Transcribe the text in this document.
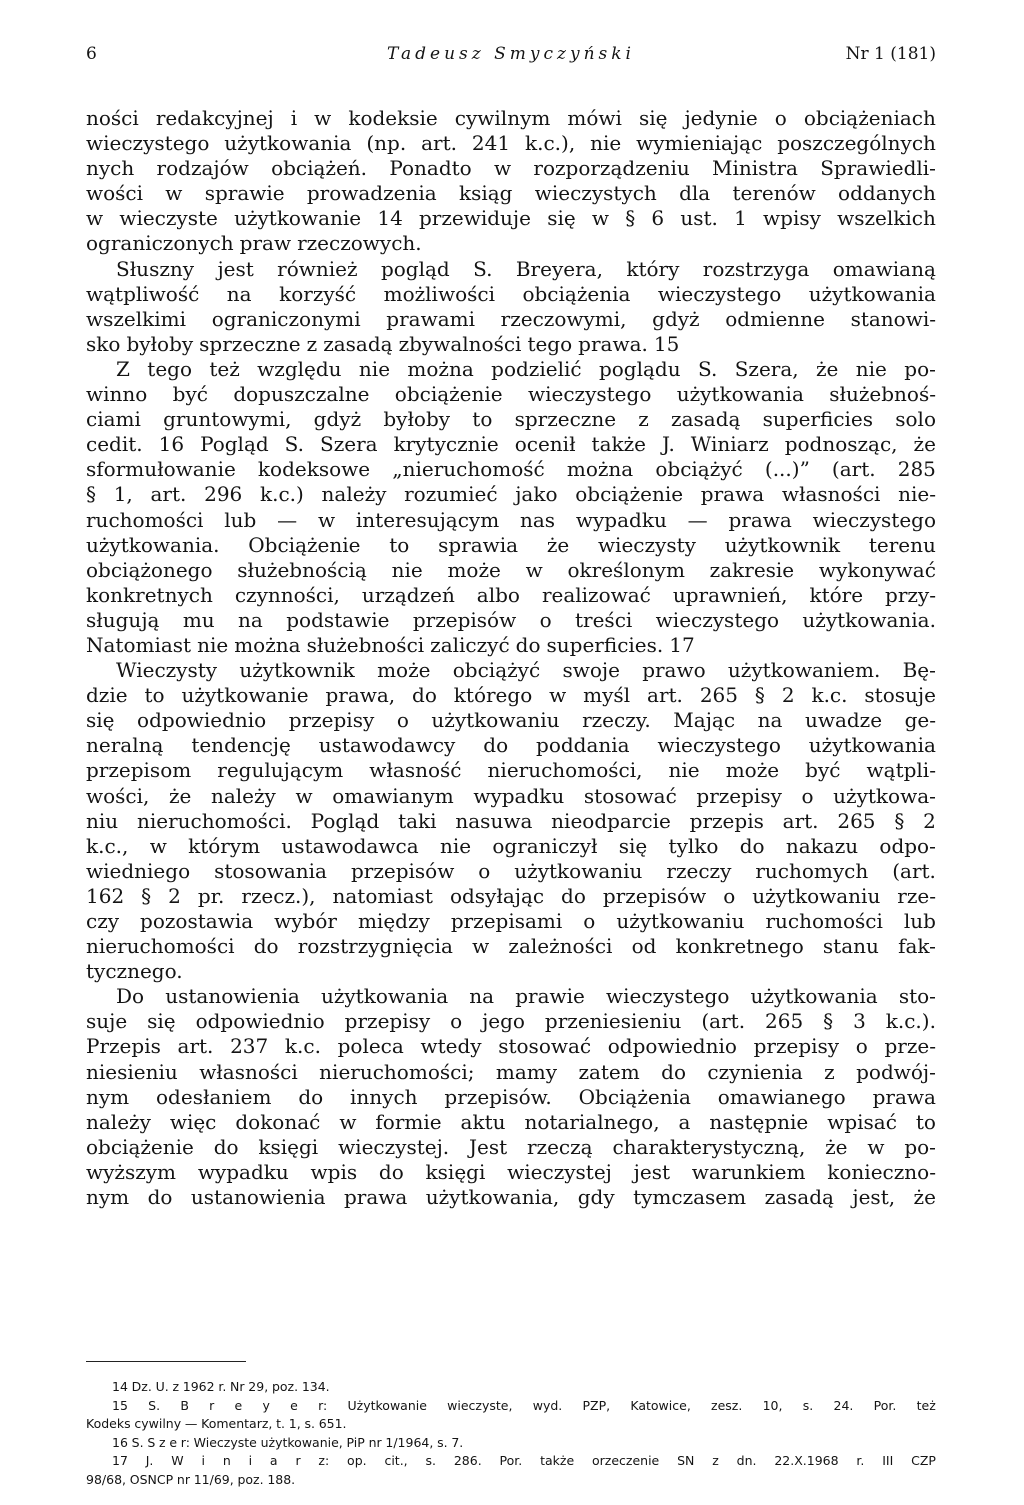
6	Tadeusz Smyczyński	Nr 1 (181)
ności redakcyjnej i w kodeksie cywilnym mówi się jedynie o obciążeniach
wieczystego użytkowania (np. art. 241 k.c.), nie wymieniając poszczególnych
nych rodzajów obciążeń. Ponadto w rozporządzeniu Ministra Sprawiedli-
wości w sprawie prowadzenia ksiąg wieczystych dla terenów oddanych
w wieczyste użytkowanie 14 przewiduje się w § 6 ust. 1 wpisy wszelkich
ograniczonych praw rzeczowych.
Słuszny jest również pogląd S. Breyera, który rozstrzyga omawianą
wątpliwość na korzyść możliwości obciążenia wieczystego użytkowania
wszelkimi ograniczonymi prawami rzeczowymi, gdyż odmienne stanowi-
sko byłoby sprzeczne z zasadą zbywalności tego prawa. 15
Z tego też względu nie można podzielić poglądu S. Szera, że nie po-
winno być dopuszczalne obciążenie wieczystego użytkowania służebnoś-
ciami gruntowymi, gdyż byłoby to sprzeczne z zasadą superficies solo
cedit. 16 Pogląd S. Szera krytycznie ocenił także J. Winiarz podnosząc, że
sformułowanie kodeksowe „nieruchomość można obciążyć (...)” (art. 285
§ 1, art. 296 k.c.) należy rozumieć jako obciążenie prawa własności nie-
ruchomości lub — w interesującym nas wypadku — prawa wieczystego
użytkowania. Obciążenie to sprawia że wieczysty użytkownik terenu
obciążonego służebnością nie może w określonym zakresie wykonywać
konkretnych czynności, urządzeń albo realizować uprawnień, które przy-
sługują mu na podstawie przepisów o treści wieczystego użytkowania.
Natomiast nie można służebności zaliczyć do superficies. 17
Wieczysty użytkownik może obciążyć swoje prawo użytkowaniem. Bę-
dzie to użytkowanie prawa, do którego w myśl art. 265 § 2 k.c. stosuje
się odpowiednio przepisy o użytkowaniu rzeczy. Mając na uwadze ge-
neralną tendencję ustawodawcy do poddania wieczystego użytkowania
przepisom regulującym własność nieruchomości, nie może być wątpli-
wości, że należy w omawianym wypadku stosować przepisy o użytkowa-
niu nieruchomości. Pogląd taki nasuwa nieodparcie przepis art. 265 § 2
k.c., w którym ustawodawca nie ograniczył się tylko do nakazu odpo-
wiedniego stosowania przepisów o użytkowaniu rzeczy ruchomych (art.
162 § 2 pr. rzecz.), natomiast odsyłając do przepisów o użytkowaniu rze-
czy pozostawia wybór między przepisami o użytkowaniu ruchomości lub
nieruchomości do rozstrzygnięcia w zależności od konkretnego stanu fak-
tycznego.
Do ustanowienia użytkowania na prawie wieczystego użytkowania sto-
suje się odpowiednio przepisy o jego przeniesieniu (art. 265 § 3 k.c.).
Przepis art. 237 k.c. poleca wtedy stosować odpowiednio przepisy o prze-
niesieniu własności nieruchomości; mamy zatem do czynienia z podwój-
nym odesłaniem do innych przepisów. Obciążenia omawianego prawa
należy więc dokonać w formie aktu notarialnego, a następnie wpisać to
obciążenie do księgi wieczystej. Jest rzeczą charakterystyczną, że w po-
wyższym wypadku wpis do księgi wieczystej jest warunkiem konieczno-
nym do ustanowienia prawa użytkowania, gdy tymczasem zasadą jest, że
14 Dz. U. z 1962 r. Nr 29, poz. 134.
15 S. B r e y e r: Użytkowanie wieczyste, wyd. PZP, Katowice, zesz. 10, s. 24. Por. też
Kodeks cywilny — Komentarz, t. 1, s. 651.
16 S. S z e r: Wieczyste użytkowanie, PiP nr 1/1964, s. 7.
17 J. W i n i a r z: op. cit., s. 286. Por. także orzeczenie SN z dn. 22.X.1968 r. III CZP
98/68, OSNCP nr 11/69, poz. 188.
